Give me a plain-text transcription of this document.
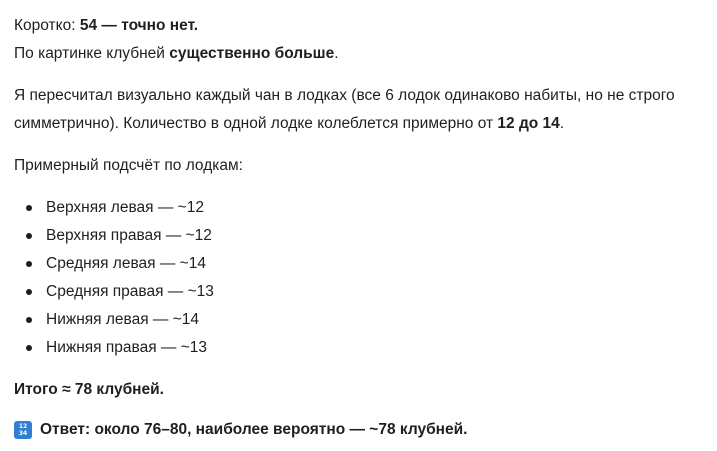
Коротко: 54 — точно нет.

По картинке клубней существенно больше.

Я пересчитал визуально каждый чан в лодках (все 6 лодок одинаково набиты, но не строго симметрично). Количество в одной лодке колеблется примерно от 12 до 14.

Примерный подсчёт по лодкам:

Верхняя левая — ~12
Верхняя правая — ~12
Средняя левая — ~14
Средняя правая — ~13
Нижняя левая — ~14
Нижняя правая — ~13

Итого ≈ 78 клубней.

12
34 Ответ: около 76–80, наиболее вероятно — ~78 клубней.
